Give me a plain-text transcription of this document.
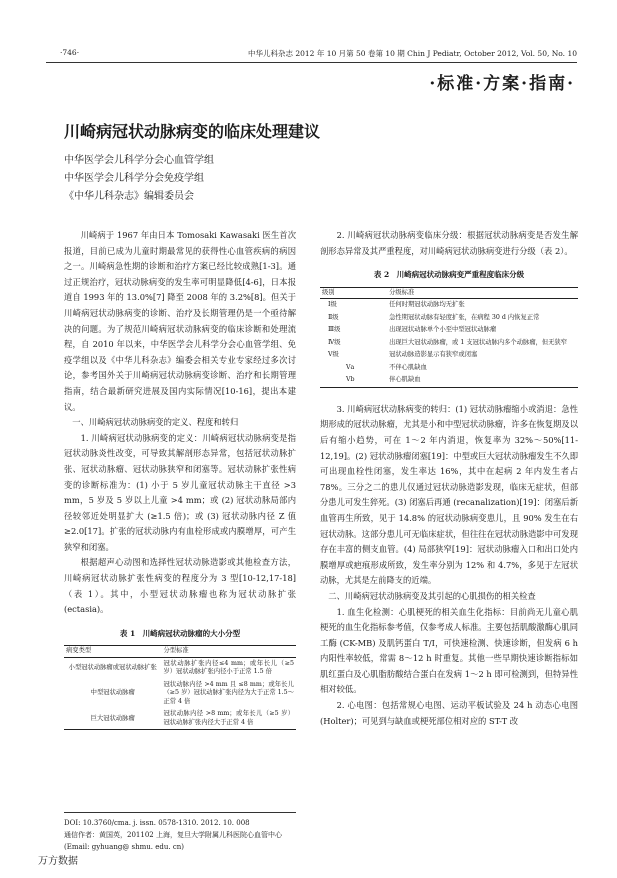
·746·	中华儿科杂志 2012 年 10 月第 50 卷第 10 期 Chin J Pediatr, October 2012, Vol. 50, No. 10
·标准·方案·指南·
川崎病冠状动脉病变的临床处理建议
中华医学会儿科学分会心血管学组
中华医学会儿科学分会免疫学组
《中华儿科杂志》编辑委员会

川崎病于 1967 年由日本 Tomosaki Kawasaki 医生首次报道，目前已成为儿童时期最常见的获得性心血管疾病的病因之一。川崎病急性期的诊断和治疗方案已经比较成熟[1-3]。通过正规治疗，冠状动脉病变的发生率可明显降低[4-6]，日本报道自 1993 年的 13.0%[7] 降至 2008 年的 3.2%[8]。但关于川崎病冠状动脉病变的诊断、治疗及长期管理仍是一个亟待解决的问题。为了规范川崎病冠状动脉病变的临床诊断和处理流程，自 2010 年以来，中华医学会儿科学分会心血管学组、免疫学组以及《中华儿科杂志》编委会相关专业专家经过多次讨论，参考国外关于川崎病冠状动脉病变诊断、治疗和长期管理指南，结合最新研究进展及国内实际情况[10-16]，提出本建议。

一、川崎病冠状动脉病变的定义、程度和转归

1. 川崎病冠状动脉病变的定义：川崎病冠状动脉病变是指冠状动脉炎性改变，可导致其解剖形态异常，包括冠状动脉扩张、冠状动脉瘤、冠状动脉狭窄和闭塞等。冠状动脉扩张性病变的诊断标准为：(1) 小于 5 岁儿童冠状动脉主干直径 >3 mm，5 岁及 5 岁以上儿童 >4 mm；或 (2) 冠状动脉局部内径较邻近处明显扩大 (≥1.5 倍)；或 (3) 冠状动脉内径 Z 值 ≥2.0[17]。扩张的冠状动脉内有血栓形成或内膜增厚，可产生狭窄和闭塞。

根据超声心动图和选择性冠状动脉造影或其他检查方法，川崎病冠状动脉扩张性病变的程度分为 3 型[10-12,17-18]（表 1）。其中，小型冠状动脉瘤也称为冠状动脉扩张 (ectasia)。

表 1　川崎病冠状动脉瘤的大小分型
病变类型	分型标准
小型冠状动脉瘤或冠状动脉扩张	冠状动脉扩张内径≤4 mm；或年长儿（≥5 岁）冠状动脉扩张内径小于正常 1.5 倍
中型冠状动脉瘤	冠状动脉内径 >4 mm 且 ≤8 mm；或年长儿（≥5 岁）冠状动脉扩张内径为大于正常 1.5～正常 4 倍
巨大冠状动脉瘤	冠状动脉内径 >8 mm；或年长儿（≥5 岁）冠状动脉扩张内径大于正常 4 倍
DOI: 10.3760/cma. j. issn. 0578-1310. 2012. 10. 008
通信作者：黄国英，201102 上海，复旦大学附属儿科医院心血管中心 (Email: gyhuang@ shmu. edu. cn)

2. 川崎病冠状动脉病变临床分级：根据冠状动脉病变是否发生解剖形态异常及其严重程度，对川崎病冠状动脉病变进行分级（表 2）。

表 2　川崎病冠状动脉病变严重程度临床分级
级别	分级标准
Ⅰ级	任何时期冠状动脉均无扩张
Ⅱ级	急性期冠状动脉有轻度扩张，在病程 30 d 内恢复正常
Ⅲ级	出现冠状动脉单个小至中型冠状动脉瘤
Ⅳ级	出现巨大冠状动脉瘤，或 1 支冠状动脉内多个动脉瘤，但无狭窄
Ⅴ级	冠状动脉造影显示有狭窄或闭塞
Ⅴa	不伴心肌缺血
Ⅴb	伴心肌缺血

3. 川崎病冠状动脉病变的转归：(1) 冠状动脉瘤缩小或消退：急性期形成的冠状动脉瘤，尤其是小和中型冠状动脉瘤，许多在恢复期及以后有缩小趋势，可在 1～2 年内消退，恢复率为 32%～50%[11-12,19]。(2) 冠状动脉瘤闭塞[19]：中型或巨大冠状动脉瘤发生不久即可出现血栓性闭塞，发生率达 16%，其中在起病 2 年内发生者占 78%。三分之二的患儿仅通过冠状动脉造影发现，临床无症状，但部分患儿可发生猝死。(3) 闭塞后再通 (recanalization)[19]：闭塞后新血管再生所致，见于 14.8% 的冠状动脉病变患儿，且 90% 发生在右冠状动脉。这部分患儿可无临床症状，但往往在冠状动脉造影中可发现存在丰富的侧支血管。(4) 局部狭窄[19]：冠状动脉瘤入口和出口处内膜增厚或疤痕形成所致，发生率分别为 12% 和 4.7%，多见于左冠状动脉，尤其是左前降支的近端。

二、川崎病冠状动脉病变及其引起的心肌损伤的相关检查

1. 血生化检测：心肌梗死的相关血生化指标：目前尚无儿童心肌梗死的血生化指标参考值，仅参考成人标准。主要包括肌酸激酶心肌同工酶 (CK-MB) 及肌钙蛋白 T/I，可快速检测、快速诊断，但发病 6 h 内阳性率较低，常需 8～12 h 时重复。其他一些早期快速诊断指标如肌红蛋白及心肌脂肪酸结合蛋白在发病 1～2 h 即可检测到，但特异性相对较低。

2. 心电图：包括常规心电图、运动平板试验及 24 h 动态心电图 (Holter)；可见到与缺血或梗死部位相对应的 ST-T 改

万方数据
